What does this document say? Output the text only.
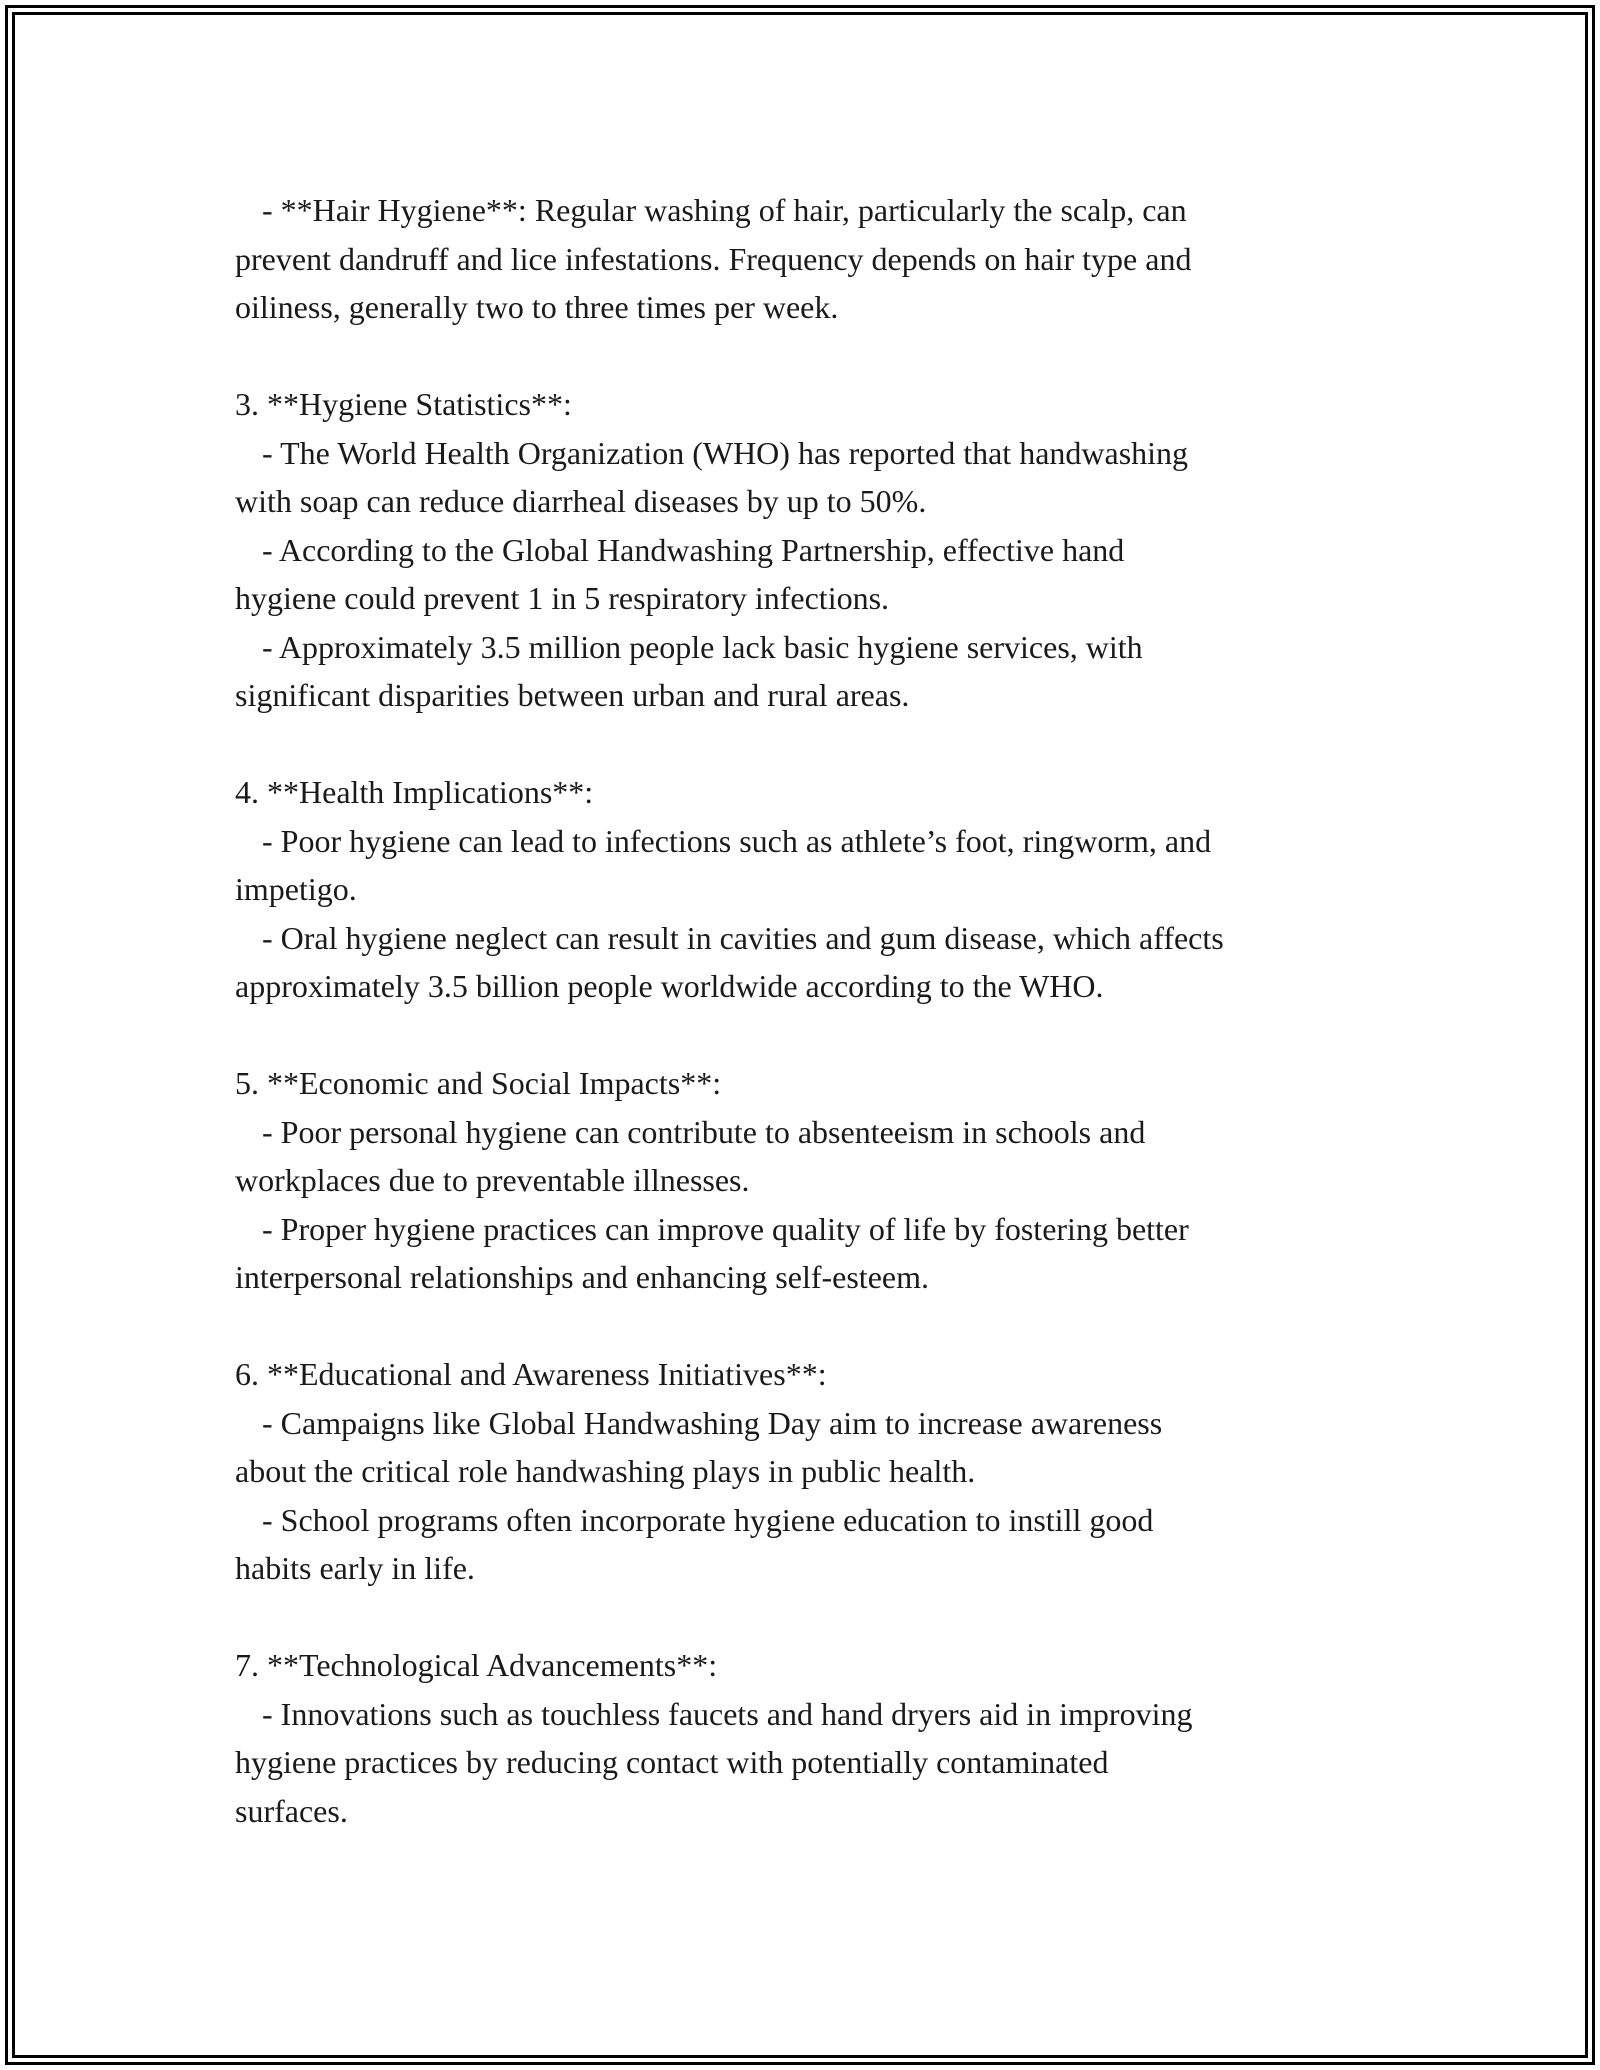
- **Hair Hygiene**: Regular washing of hair, particularly the scalp, can
prevent dandruff and lice infestations. Frequency depends on hair type and
oiliness, generally two to three times per week.
3. **Hygiene Statistics**:
- The World Health Organization (WHO) has reported that handwashing
with soap can reduce diarrheal diseases by up to 50%.
- According to the Global Handwashing Partnership, effective hand
hygiene could prevent 1 in 5 respiratory infections.
- Approximately 3.5 million people lack basic hygiene services, with
significant disparities between urban and rural areas.
4. **Health Implications**:
- Poor hygiene can lead to infections such as athlete’s foot, ringworm, and
impetigo.
- Oral hygiene neglect can result in cavities and gum disease, which affects
approximately 3.5 billion people worldwide according to the WHO.
5. **Economic and Social Impacts**:
- Poor personal hygiene can contribute to absenteeism in schools and
workplaces due to preventable illnesses.
- Proper hygiene practices can improve quality of life by fostering better
interpersonal relationships and enhancing self-esteem.
6. **Educational and Awareness Initiatives**:
- Campaigns like Global Handwashing Day aim to increase awareness
about the critical role handwashing plays in public health.
- School programs often incorporate hygiene education to instill good
habits early in life.
7. **Technological Advancements**:
- Innovations such as touchless faucets and hand dryers aid in improving
hygiene practices by reducing contact with potentially contaminated
surfaces.
